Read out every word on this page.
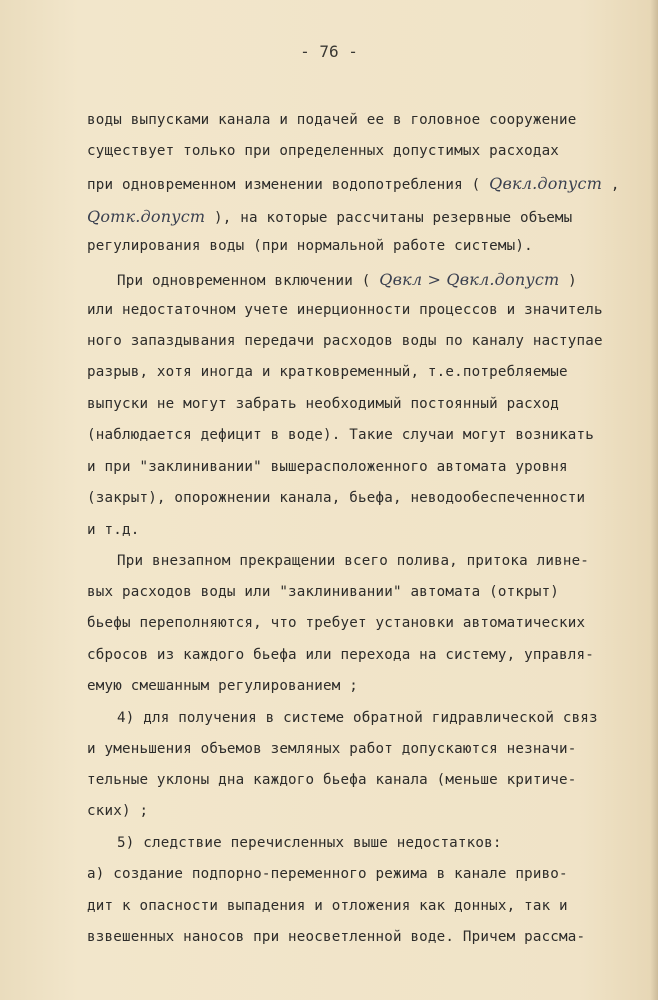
- 76 -
воды выпусками канала и подачей ее в головное сооружение
существует только при определенных допустимых расходах
при одновременном изменении водопотребления ( Qвкл.допуст ,
Qотк.допуст ), на которые рассчитаны резервные объемы
регулирования воды (при нормальной работе системы).
При одновременном включении ( Qвкл > Qвкл.допуст )
или недостаточном учете инерционности процессов и значитель
ного запаздывания передачи расходов воды по каналу наступае
разрыв, хотя иногда и кратковременный, т.е.потребляемые
выпуски не могут забрать необходимый постоянный расход
(наблюдается дефицит в воде). Такие случаи могут возникать
и при "заклинивании" вышерасположенного автомата уровня
(закрыт), опорожнении канала, бьефа, неводообеспеченности
и т.д.
При внезапном прекращении всего полива, притока ливне-
вых расходов воды или "заклинивании" автомата (открыт)
бьефы переполняются, что требует установки автоматических
сбросов из каждого бьефа или перехода на систему, управля-
емую смешанным регулированием ;
4) для получения в системе обратной гидравлической связ
и уменьшения объемов земляных работ допускаются незначи-
тельные уклоны дна каждого бьефа канала (меньше критиче-
ских) ;
5) следствие перечисленных выше недостатков:
а) создание подпорно-переменного режима в канале приво-
дит к опасности выпадения и отложения как донных, так и
взвешенных наносов при неосветленной воде. Причем рассма-
